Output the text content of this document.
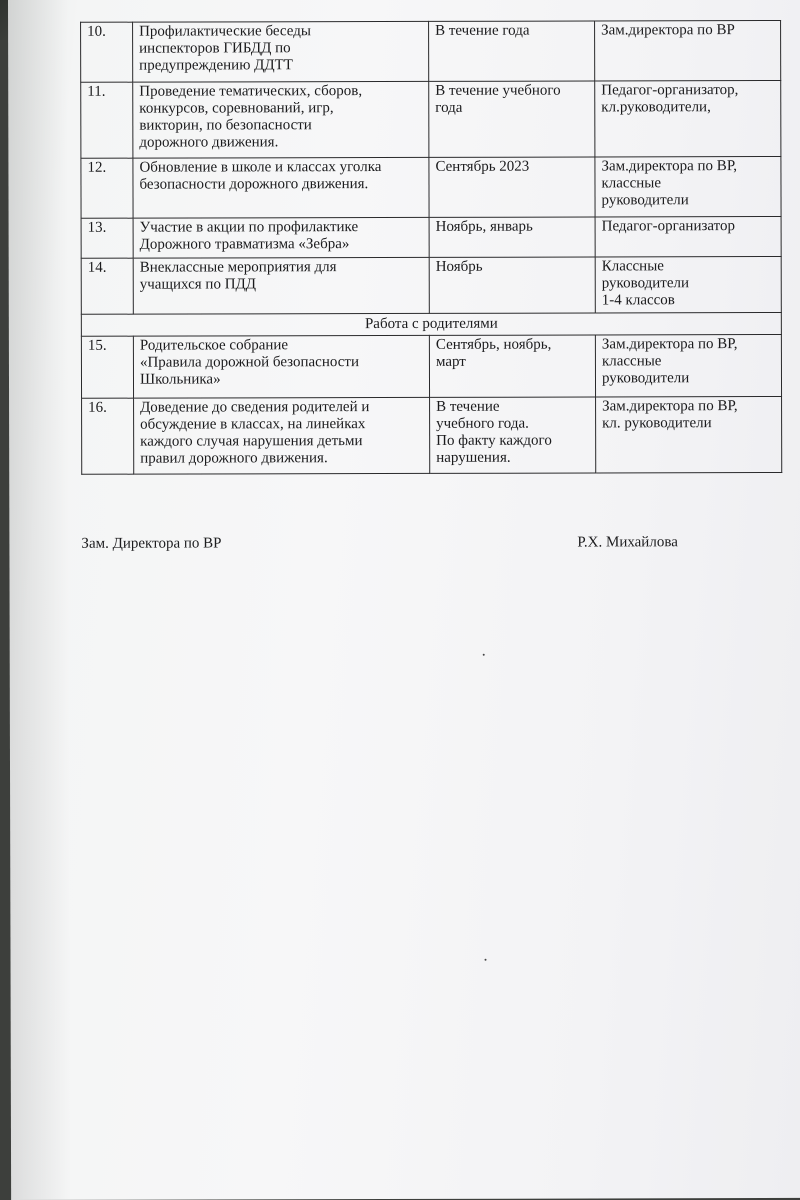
10.	Профилактические беседы
инспекторов ГИБДД по
предупреждению ДДТТ	В течение года	Зам.директора по ВР
11.	Проведение тематических, сборов,
конкурсов, соревнований, игр,
викторин, по безопасности
дорожного движения.	В течение учебного
года	Педагог-организатор,
кл.руководители,
12.	Обновление в школе и классах уголка
безопасности дорожного движения.	Сентябрь 2023	Зам.директора по ВР,
классные
руководители
13.	Участие в акции по профилактике
Дорожного травматизма «Зебра»	Ноябрь, январь	Педагог-организатор
14.	Внеклассные мероприятия для
учащихся по ПДД	Ноябрь	Классные
руководители
1-4 классов
Работа с родителями			
15.	Родительское собрание
«Правила дорожной безопасности
Школьника»	Сентябрь, ноябрь,
март	Зам.директора по ВР,
классные
руководители
16.	Доведение до сведения родителей и
обсуждение в классах, на линейках
каждого случая нарушения детьми
правил дорожного движения.	В течение
учебного года.
По факту каждого
нарушения.	Зам.директора по ВР,
кл. руководители
Зам. Директора по ВР	Р.Х. Михайлова
